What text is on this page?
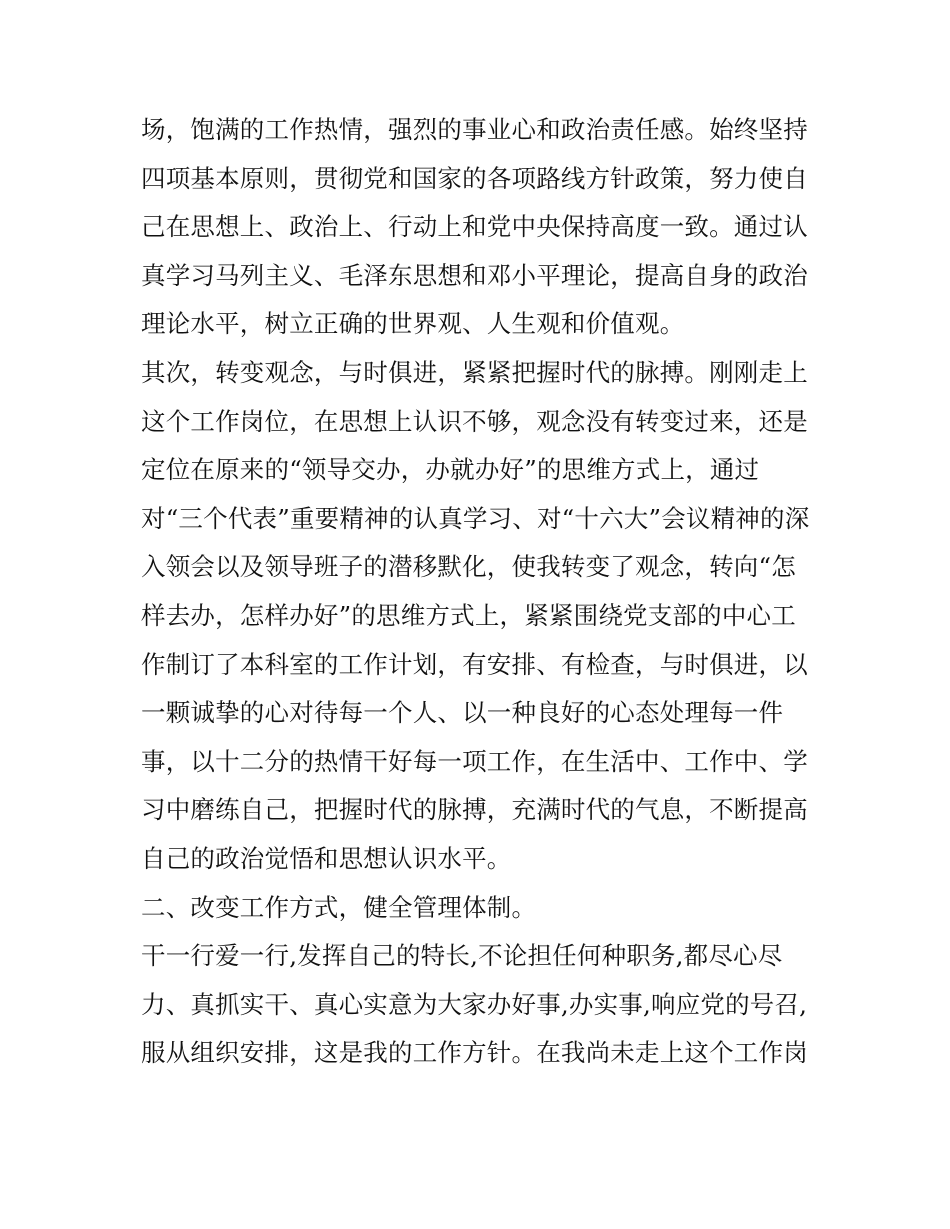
场，饱满的工作热情，强烈的事业心和政治责任感。始终坚持
四项基本原则，贯彻党和国家的各项路线方针政策，努力使自
己在思想上、政治上、行动上和党中央保持高度一致。通过认
真学习马列主义、毛泽东思想和邓小平理论，提高自身的政治
理论水平，树立正确的世界观、人生观和价值观。
其次，转变观念，与时俱进，紧紧把握时代的脉搏。刚刚走上
这个工作岗位，在思想上认识不够，观念没有转变过来，还是
定位在原来的“领导交办，办就办好”的思维方式上，通过
对“三个代表”重要精神的认真学习、对“十六大”会议精神的深
入领会以及领导班子的潜移默化，使我转变了观念，转向“怎
样去办，怎样办好”的思维方式上，紧紧围绕党支部的中心工
作制订了本科室的工作计划，有安排、有检查，与时俱进，以
一颗诚挚的心对待每一个人、以一种良好的心态处理每一件
事，以十二分的热情干好每一项工作，在生活中、工作中、学
习中磨练自己，把握时代的脉搏，充满时代的气息，不断提高
自己的政治觉悟和思想认识水平。
二、改变工作方式，健全管理体制。
干一行爱一行,发挥自己的特长,不论担任何种职务,都尽心尽
力、真抓实干、真心实意为大家办好事,办实事,响应党的号召,
服从组织安排，这是我的工作方针。在我尚未走上这个工作岗
